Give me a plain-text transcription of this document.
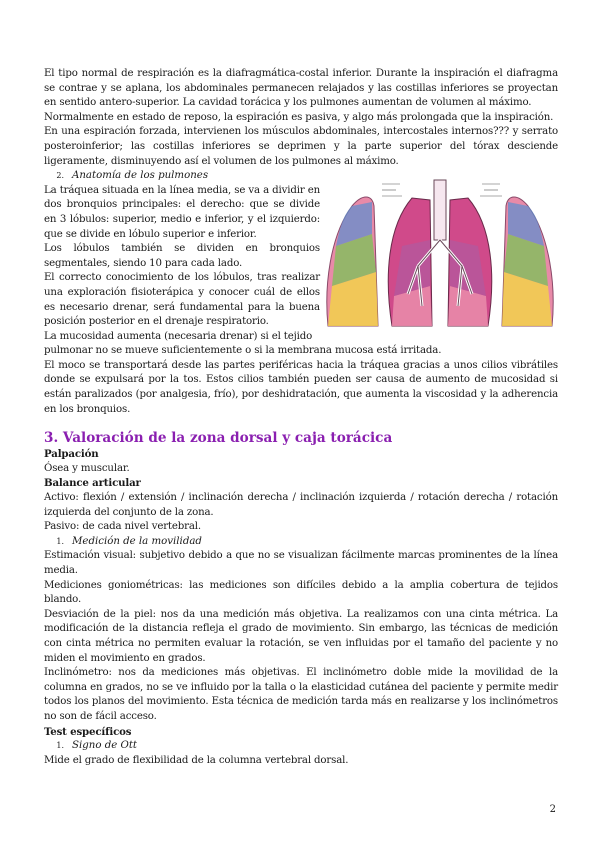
El tipo normal de respiración es la diafragmática-costal inferior. Durante la inspiración el diafragma se contrae y se aplana, los abdominales permanecen relajados y las costillas inferiores se proyectan en sentido antero-superior. La cavidad torácica y los pulmones aumentan de volumen al máximo.

Normalmente en estado de reposo, la espiración es pasiva, y algo más prolongada que la inspiración.

En una espiración forzada, intervienen los músculos abdominales, intercostales internos??? y serrato posteroinferior; las costillas inferiores se deprimen y la parte superior del tórax desciende ligeramente, disminuyendo así el volumen de los pulmones al máximo.

2. Anatomía de los pulmones

La tráquea situada en la línea media, se va a dividir en dos bronquios principales: el derecho: que se divide en 3 lóbulos: superior, medio e inferior, y el izquierdo: que se divide en lóbulo superior e inferior.

Los lóbulos también se dividen en bronquios segmentales, siendo 10 para cada lado.

El correcto conocimiento de los lóbulos, tras realizar una exploración fisioterápica y conocer cuál de ellos es necesario drenar, será fundamental para la buena posición posterior en el drenaje respiratorio.

La mucosidad aumenta (necesaria drenar) si el tejido

pulmonar no se mueve suficientemente o si la membrana mucosa está irritada.

El moco se transportará desde las partes periféricas hacia la tráquea gracias a unos cilios vibrátiles donde se expulsará por la tos. Estos cilios también pueden ser causa de aumento de mucosidad si están paralizados (por analgesia, frío), por deshidratación, que aumenta la viscosidad y la adherencia en los bronquios.

3. Valoración de la zona dorsal y caja torácica

Palpación

Ósea y muscular.

Balance articular

Activo: flexión / extensión / inclinación derecha / inclinación izquierda / rotación derecha / rotación izquierda del conjunto de la zona.

Pasivo: de cada nivel vertebral.

1. Medición de la movilidad

Estimación visual: subjetivo debido a que no se visualizan fácilmente marcas prominentes de la línea media.

Mediciones goniométricas: las mediciones son difíciles debido a la amplia cobertura de tejidos blando.

Desviación de la piel: nos da una medición más objetiva. La realizamos con una cinta métrica. La modificación de la distancia refleja el grado de movimiento. Sin embargo, las técnicas de medición con cinta métrica no permiten evaluar la rotación, se ven influidas por el tamaño del paciente y no miden el movimiento en grados.

Inclinómetro: nos da mediciones más objetivas. El inclinómetro doble mide la movilidad de la columna en grados, no se ve influido por la talla o la elasticidad cutánea del paciente y permite medir todos los planos del movimiento. Esta técnica de medición tarda más en realizarse y los inclinómetros no son de fácil acceso.

Test específicos

1. Signo de Ott

Mide el grado de flexibilidad de la columna vertebral dorsal.

2
